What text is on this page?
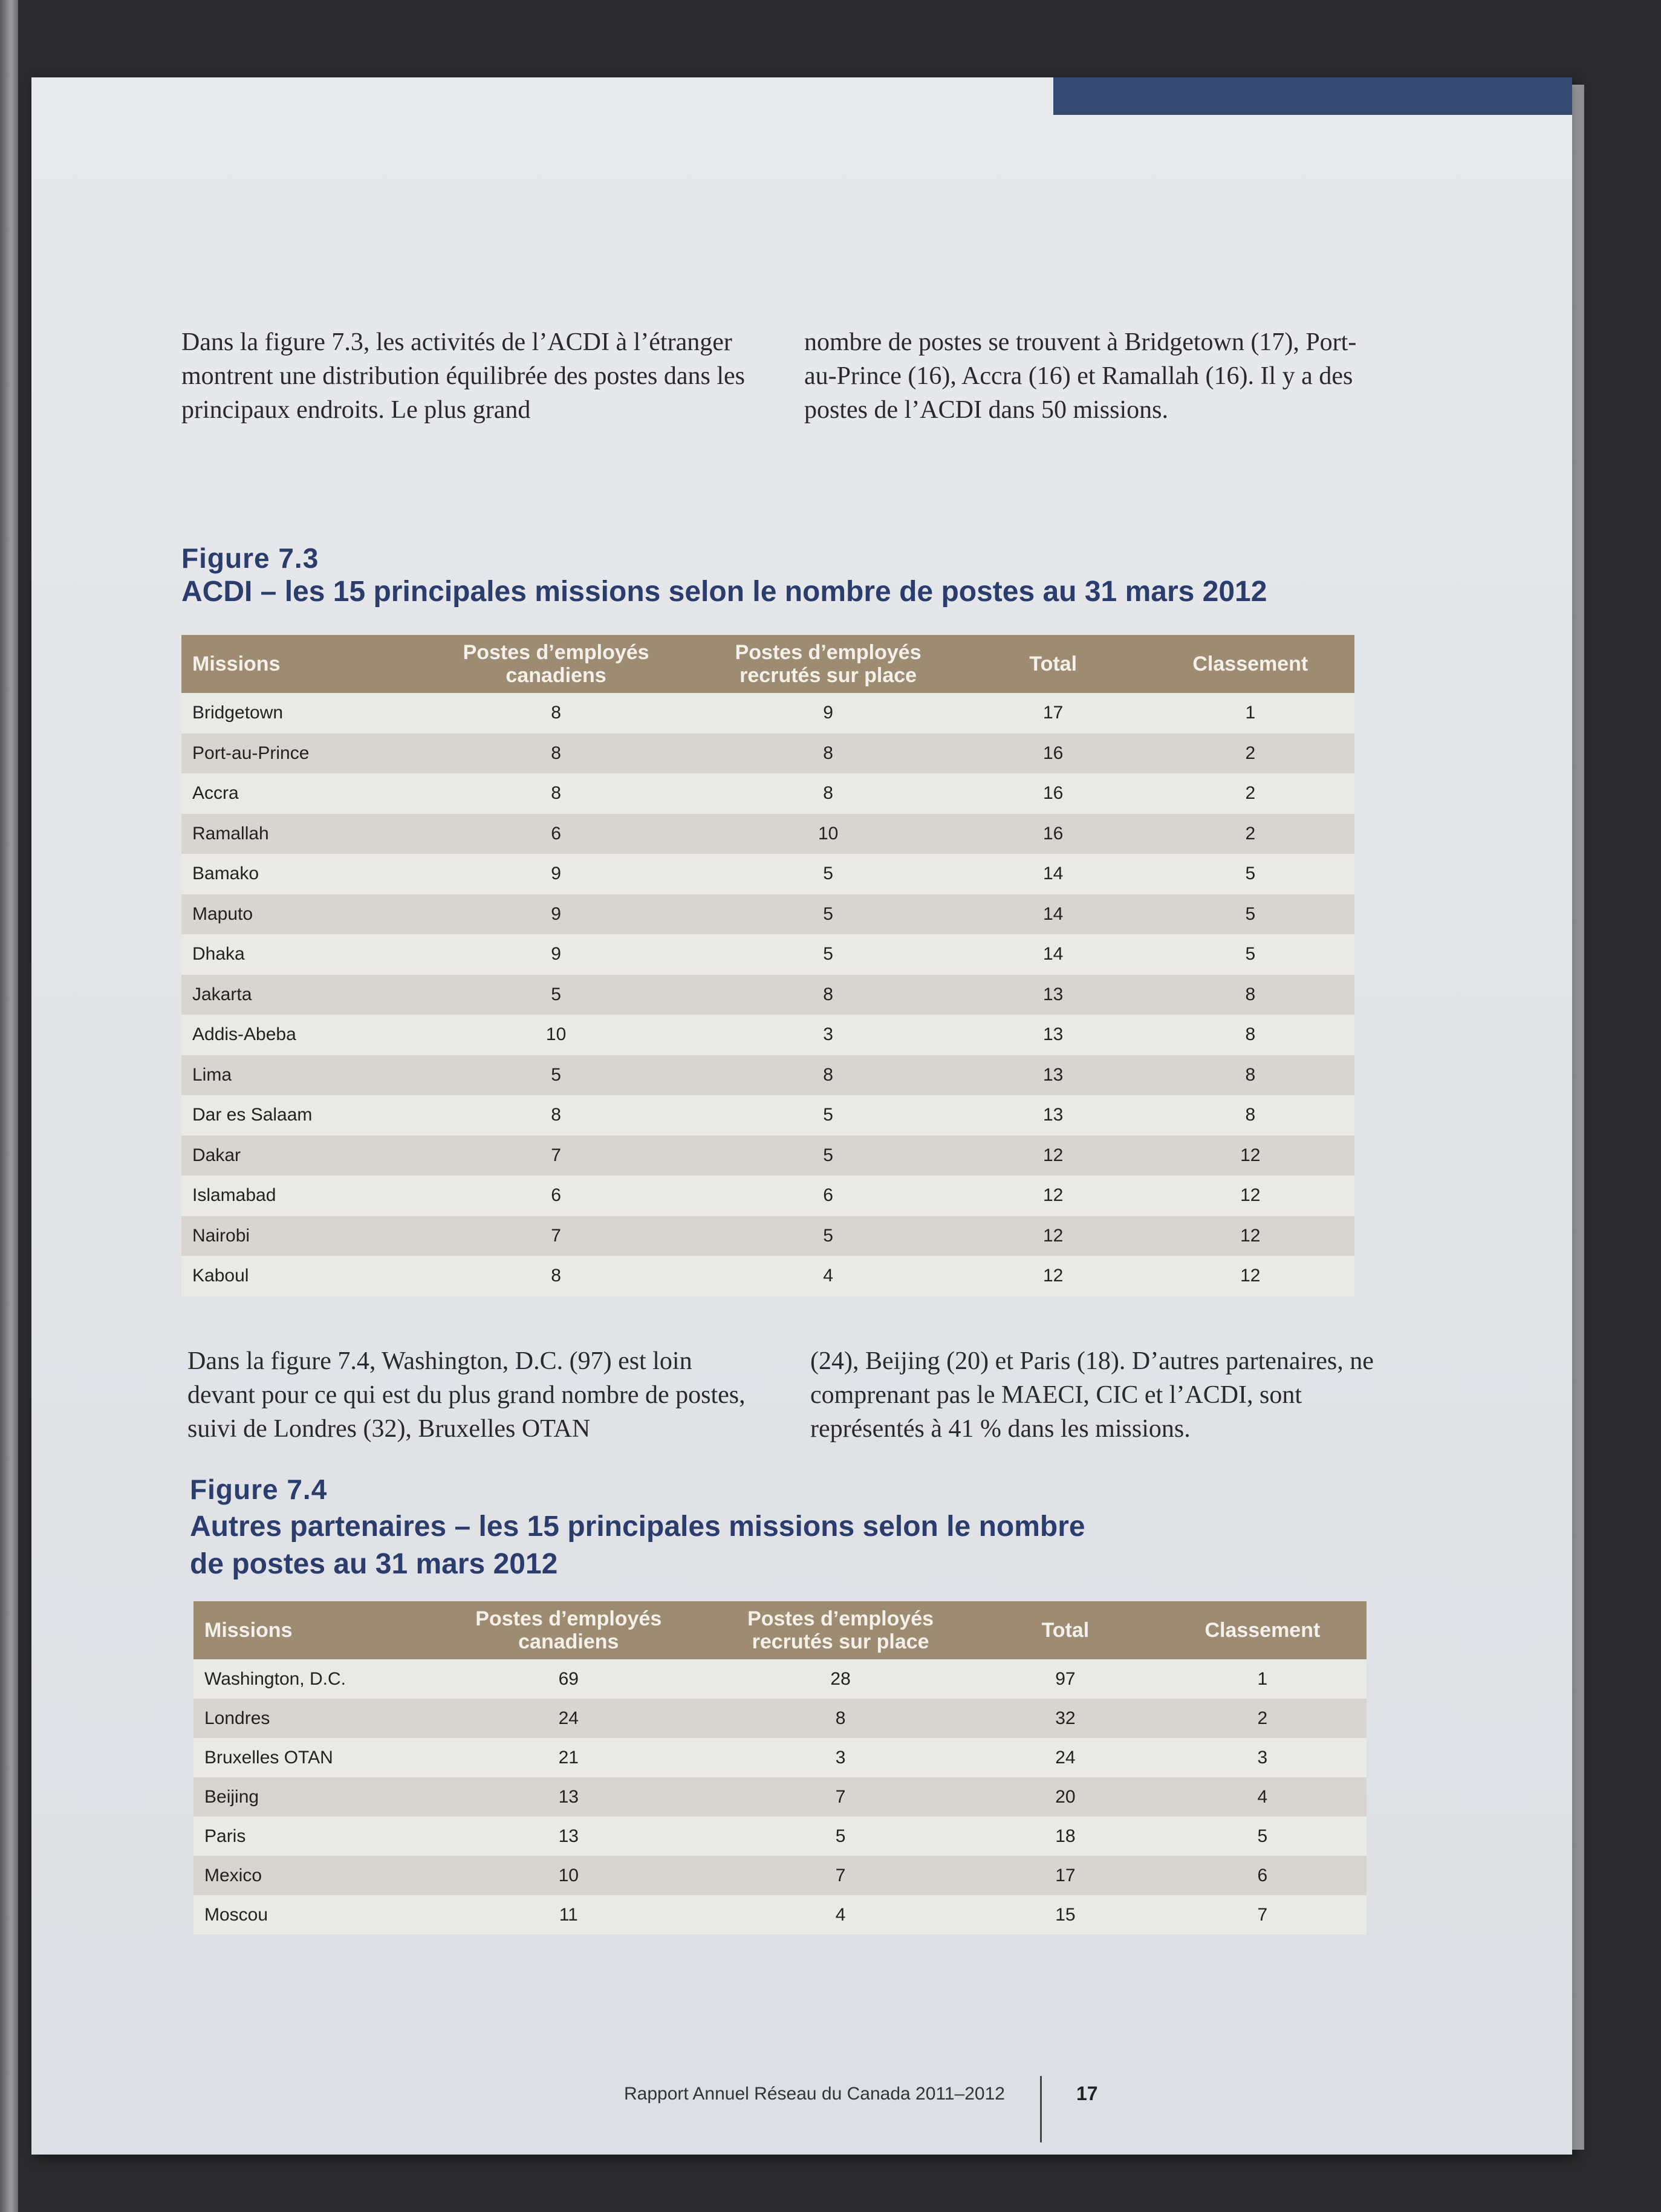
Dans la figure 7.3, les activités de l’ACDI à l’étranger montrent une distribution équilibrée des postes dans les principaux endroits. Le plus grand

nombre de postes se trouvent à Bridgetown (17), Port-au-Prince (16), Accra (16) et Ramallah (16). Il y a des postes de l’ACDI dans 50 missions.

Figure 7.3
ACDI – les 15 principales missions selon le nombre de postes au 31 mars 2012
Missions	Postes d’employés canadiens	Postes d’employés recrutés sur place	Total	Classement
Bridgetown	8	9	17	1
Port-au-Prince	8	8	16	2
Accra	8	8	16	2
Ramallah	6	10	16	2
Bamako	9	5	14	5
Maputo	9	5	14	5
Dhaka	9	5	14	5
Jakarta	5	8	13	8
Addis-Abeba	10	3	13	8
Lima	5	8	13	8
Dar es Salaam	8	5	13	8
Dakar	7	5	12	12
Islamabad	6	6	12	12
Nairobi	7	5	12	12
Kaboul	8	4	12	12

Dans la figure 7.4, Washington, D.C. (97) est loin devant pour ce qui est du plus grand nombre de postes, suivi de Londres (32), Bruxelles OTAN

(24), Beijing (20) et Paris (18). D’autres partenaires, ne comprenant pas le MAECI, CIC et l’ACDI, sont représentés à 41 % dans les missions.

Figure 7.4
Autres partenaires – les 15 principales missions selon le nombre
de postes au 31 mars 2012
Missions	Postes d’employés canadiens	Postes d’employés recrutés sur place	Total	Classement
Washington, D.C.	69	28	97	1
Londres	24	8	32	2
Bruxelles OTAN	21	3	24	3
Beijing	13	7	20	4
Paris	13	5	18	5
Mexico	10	7	17	6
Moscou	11	4	15	7
Rapport Annuel Réseau du Canada 2011–2012	17
